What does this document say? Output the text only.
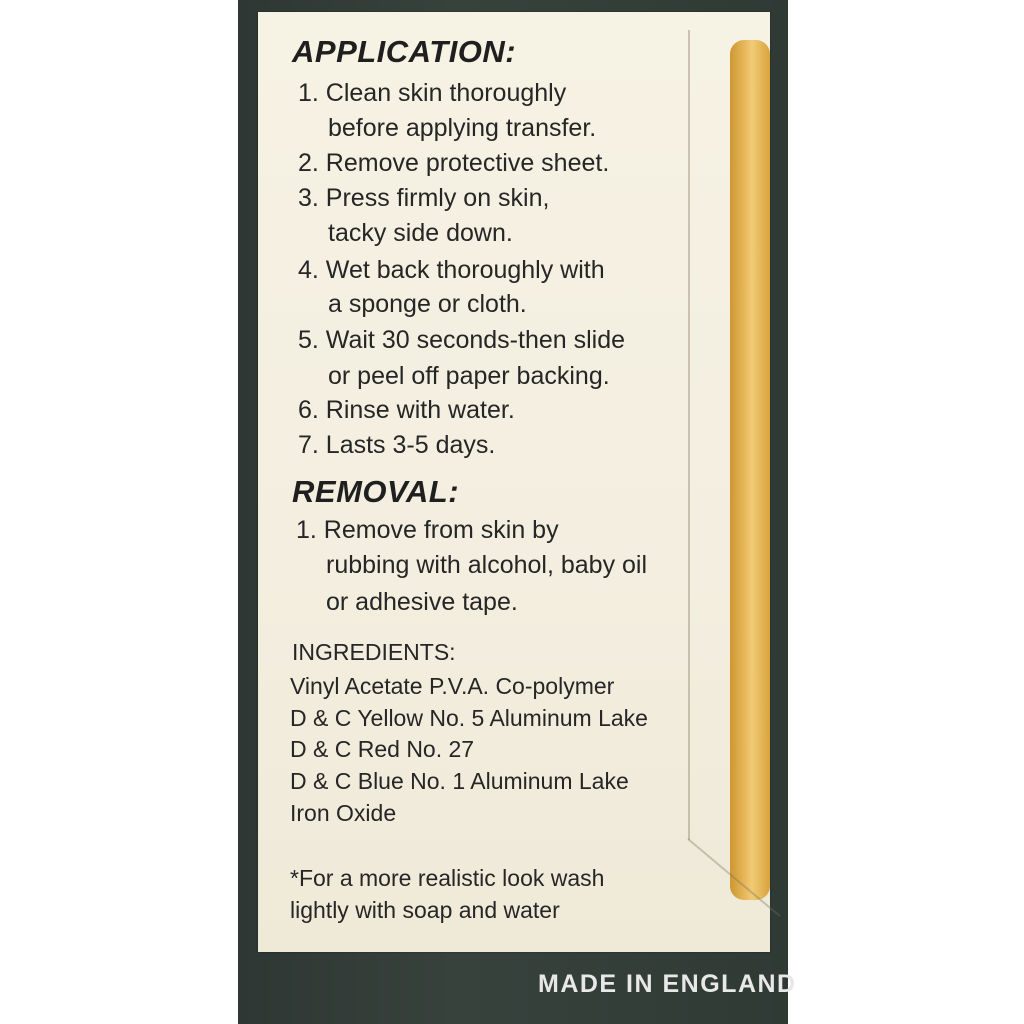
APPLICATION:

1. Clean skin thoroughly

before applying transfer.

2. Remove protective sheet.

3. Press firmly on skin,

tacky side down.

4. Wet back thoroughly with

a sponge or cloth.

5. Wait 30 seconds-then slide

or peel off paper backing.

6. Rinse with water.

7. Lasts 3-5 days.

REMOVAL:

1. Remove from skin by

rubbing with alcohol, baby oil

or adhesive tape.

INGREDIENTS:

Vinyl Acetate P.V.A. Co-polymer

D & C Yellow No. 5 Aluminum Lake

D & C Red No. 27

D & C Blue No. 1 Aluminum Lake

Iron Oxide

*For a more realistic look wash

lightly with soap and water

MADE IN ENGLAND
